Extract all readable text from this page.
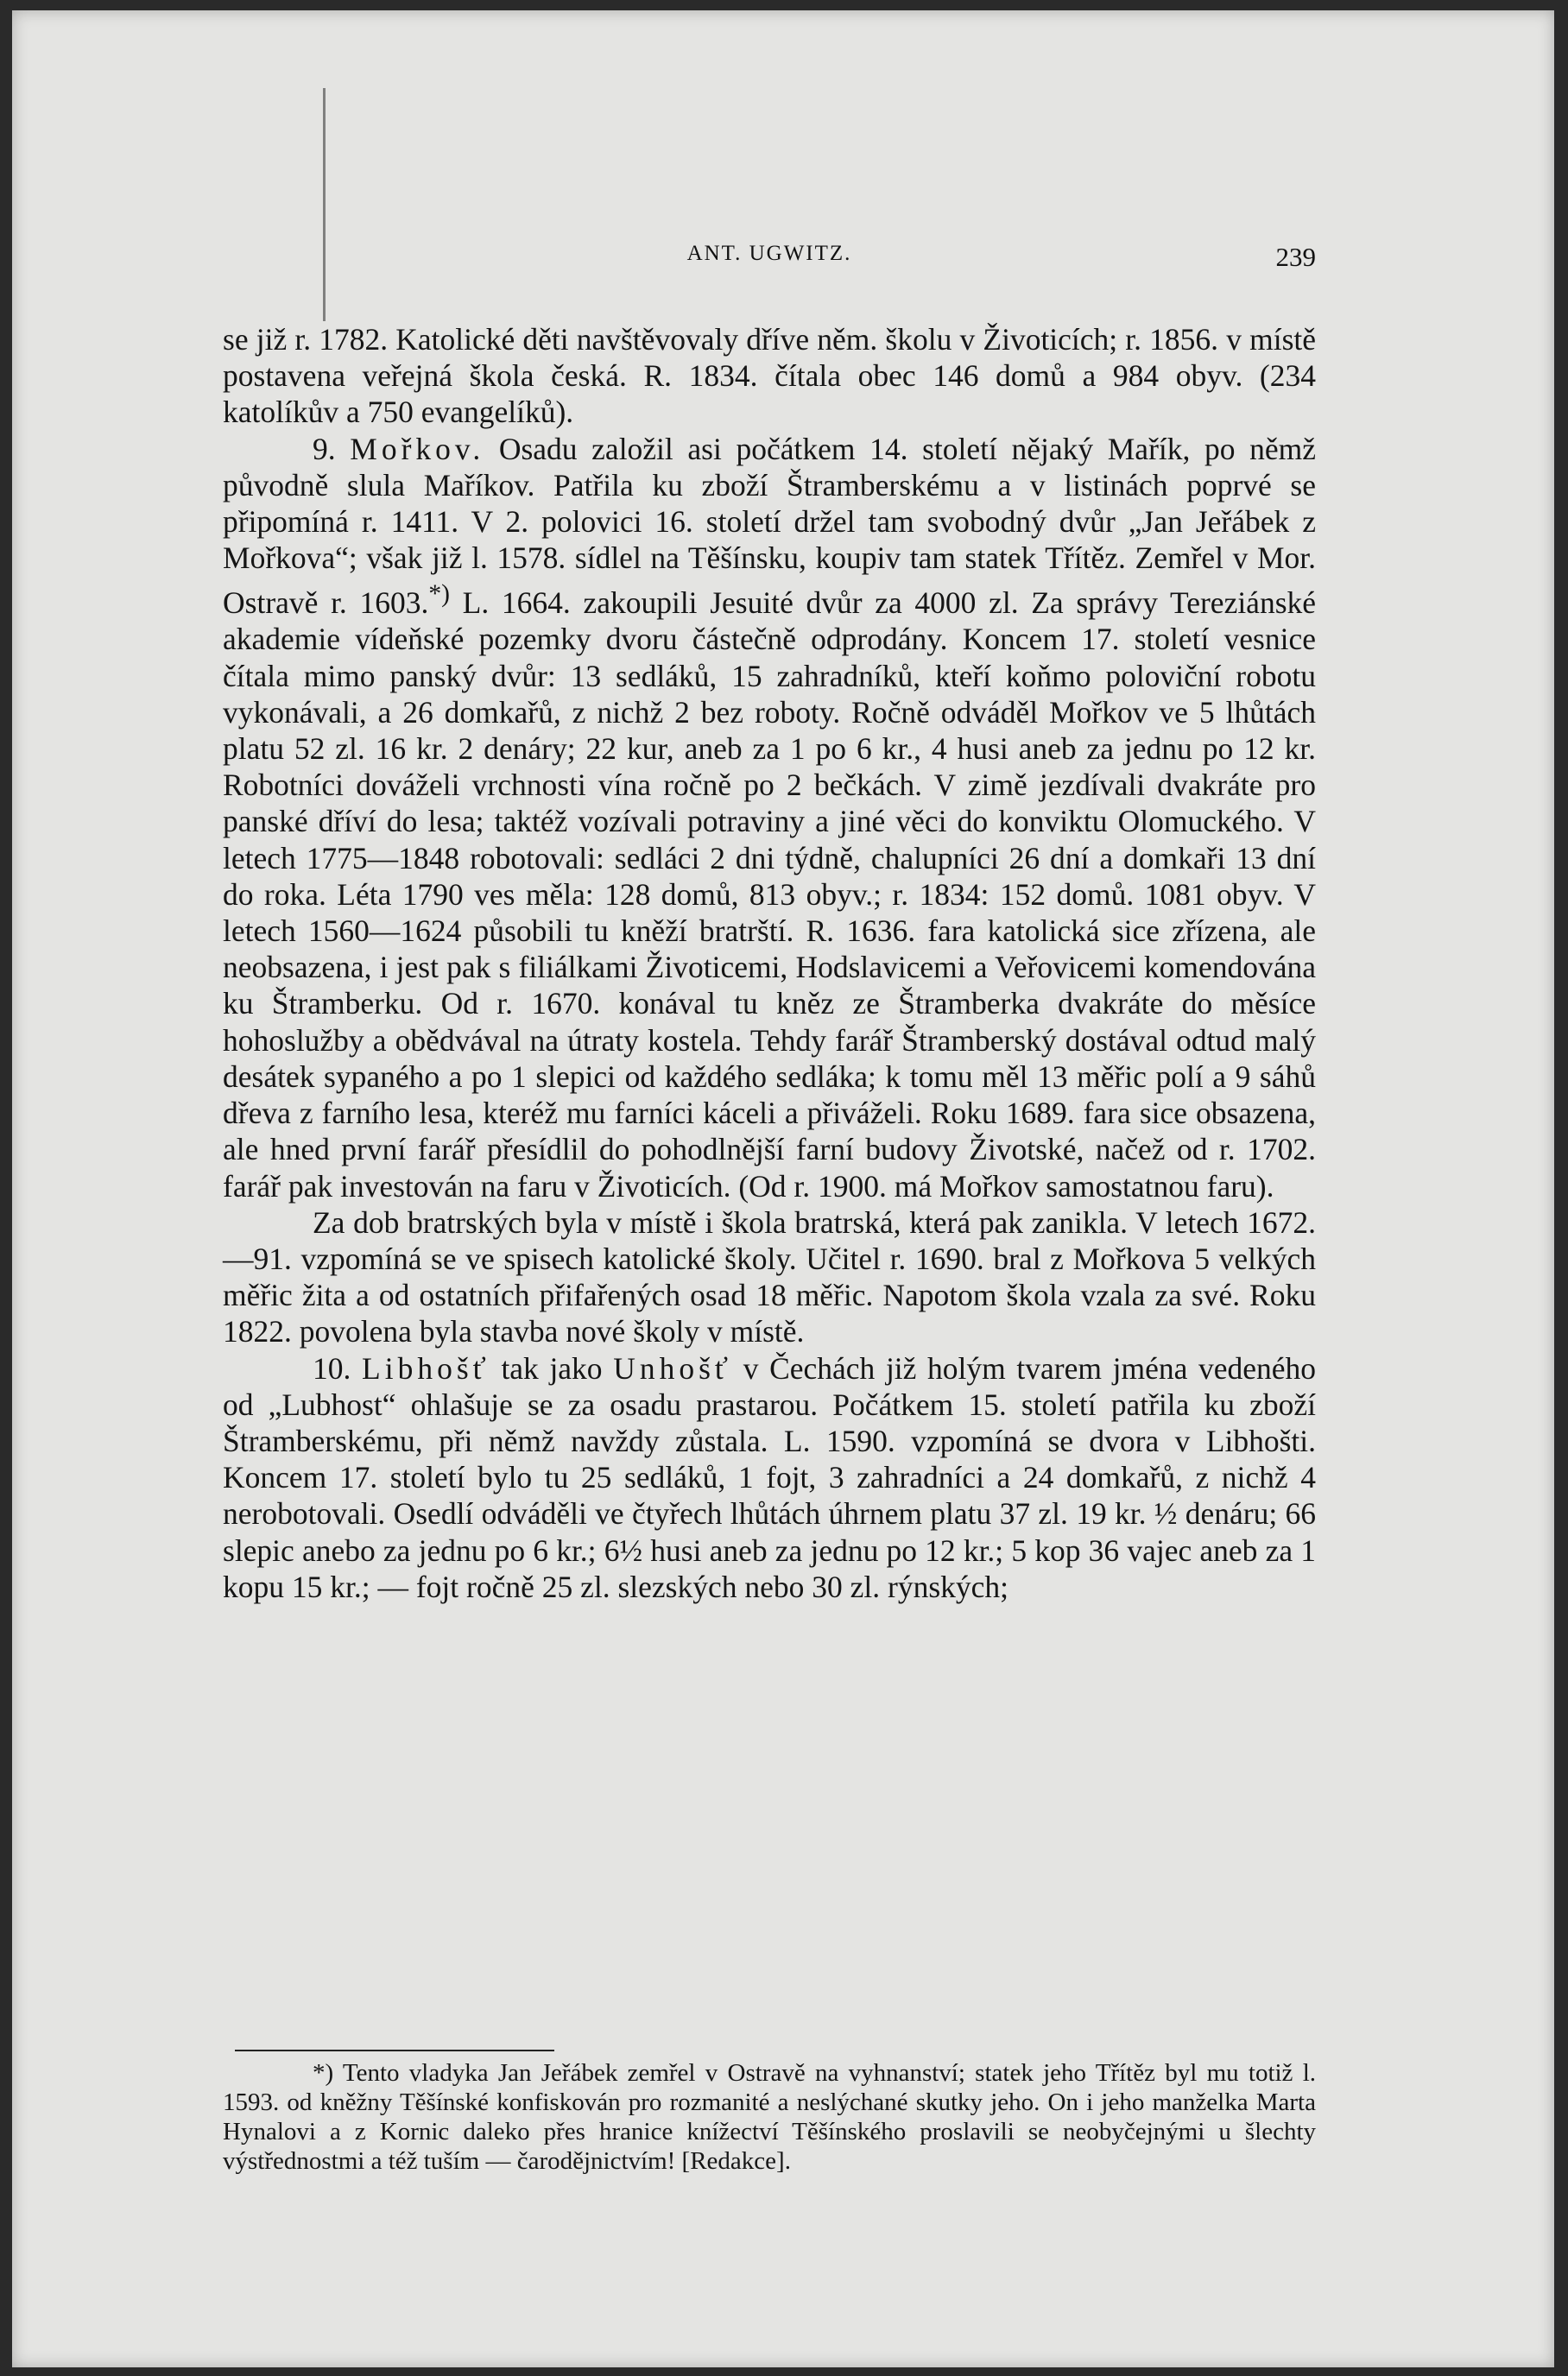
ANT. UGWITZ.	239

se již r. 1782. Katolické děti navštěvovaly dříve něm. školu v Životicích; r. 1856. v místě postavena veřejná škola česká. R. 1834. čítala obec 146 domů a 984 obyv. (234 katolíkův a 750 evangelíků).

9. Mořkov. Osadu založil asi počátkem 14. století nějaký Mařík, po němž původně slula Maříkov. Patřila ku zboží Štramberskému a v listinách poprvé se připomíná r. 1411. V 2. polovici 16. století držel tam svobodný dvůr „Jan Jeřábek z Mořkova“; však již l. 1578. sídlel na Těšínsku, koupiv tam statek Třítěz. Zemřel v Mor. Ostravě r. 1603.*) L. 1664. zakoupili Jesuité dvůr za 4000 zl. Za správy Tereziánské akademie vídeňské pozemky dvoru částečně odprodány. Koncem 17. století vesnice čítala mimo panský dvůr: 13 sedláků, 15 zahradníků, kteří koňmo poloviční robotu vykonávali, a 26 domkařů, z nichž 2 bez roboty. Ročně odváděl Mořkov ve 5 lhůtách platu 52 zl. 16 kr. 2 denáry; 22 kur, aneb za 1 po 6 kr., 4 husi aneb za jednu po 12 kr. Robotníci dováželi vrchnosti vína ročně po 2 bečkách. V zimě jezdívali dvakráte pro panské dříví do lesa; taktéž vozívali potraviny a jiné věci do konviktu Olomuckého. V letech 1775—1848 robotovali: sedláci 2 dni týdně, chalupníci 26 dní a domkaři 13 dní do roka. Léta 1790 ves měla: 128 domů, 813 obyv.; r. 1834: 152 domů. 1081 obyv. V letech 1560—1624 působili tu kněží bratrští. R. 1636. fara katolická sice zřízena, ale neobsazena, i jest pak s filiálkami Životicemi, Hodslavicemi a Veřovicemi komendována ku Štramberku. Od r. 1670. konával tu kněz ze Štramberka dvakráte do měsíce hohoslužby a obědvával na útraty kostela. Tehdy farář Štramberský dostával odtud malý desátek sypaného a po 1 slepici od každého sedláka; k tomu měl 13 měřic polí a 9 sáhů dřeva z farního lesa, kteréž mu farníci káceli a přiváželi. Roku 1689. fara sice obsazena, ale hned první farář přesídlil do pohodlnější farní budovy Životské, načež od r. 1702. farář pak investován na faru v Životicích. (Od r. 1900. má Mořkov samostatnou faru).

Za dob bratrských byla v místě i škola bratrská, která pak zanikla. V letech 1672.—91. vzpomíná se ve spisech katolické školy. Učitel r. 1690. bral z Mořkova 5 velkých měřic žita a od ostatních přifařených osad 18 měřic. Napotom škola vzala za své. Roku 1822. povolena byla stavba nové školy v místě.

10. Libhošť tak jako Unhošť v Čechách již holým tvarem jména vedeného od „Lubhost“ ohlašuje se za osadu prastarou. Počátkem 15. století patřila ku zboží Štramberskému, při němž navždy zůstala. L. 1590. vzpomíná se dvora v Libhošti. Koncem 17. století bylo tu 25 sedláků, 1 fojt, 3 zahradníci a 24 domkařů, z nichž 4 nerobotovali. Osedlí odváděli ve čtyřech lhůtách úhrnem platu 37 zl. 19 kr. ½ denáru; 66 slepic anebo za jednu po 6 kr.; 6½ husi aneb za jednu po 12 kr.; 5 kop 36 vajec aneb za 1 kopu 15 kr.; — fojt ročně 25 zl. slezských nebo 30 zl. rýnských;

*) Tento vladyka Jan Jeřábek zemřel v Ostravě na vyhnanství; statek jeho Třítěz byl mu totiž l. 1593. od kněžny Těšínské konfiskován pro rozmanité a neslýchané skutky jeho. On i jeho manželka Marta Hynalovi a z Kornic daleko přes hranice knížectví Těšínského proslavili se neobyčejnými u šlechty výstřednostmi a též tuším — čarodějnictvím! [Redakce].
